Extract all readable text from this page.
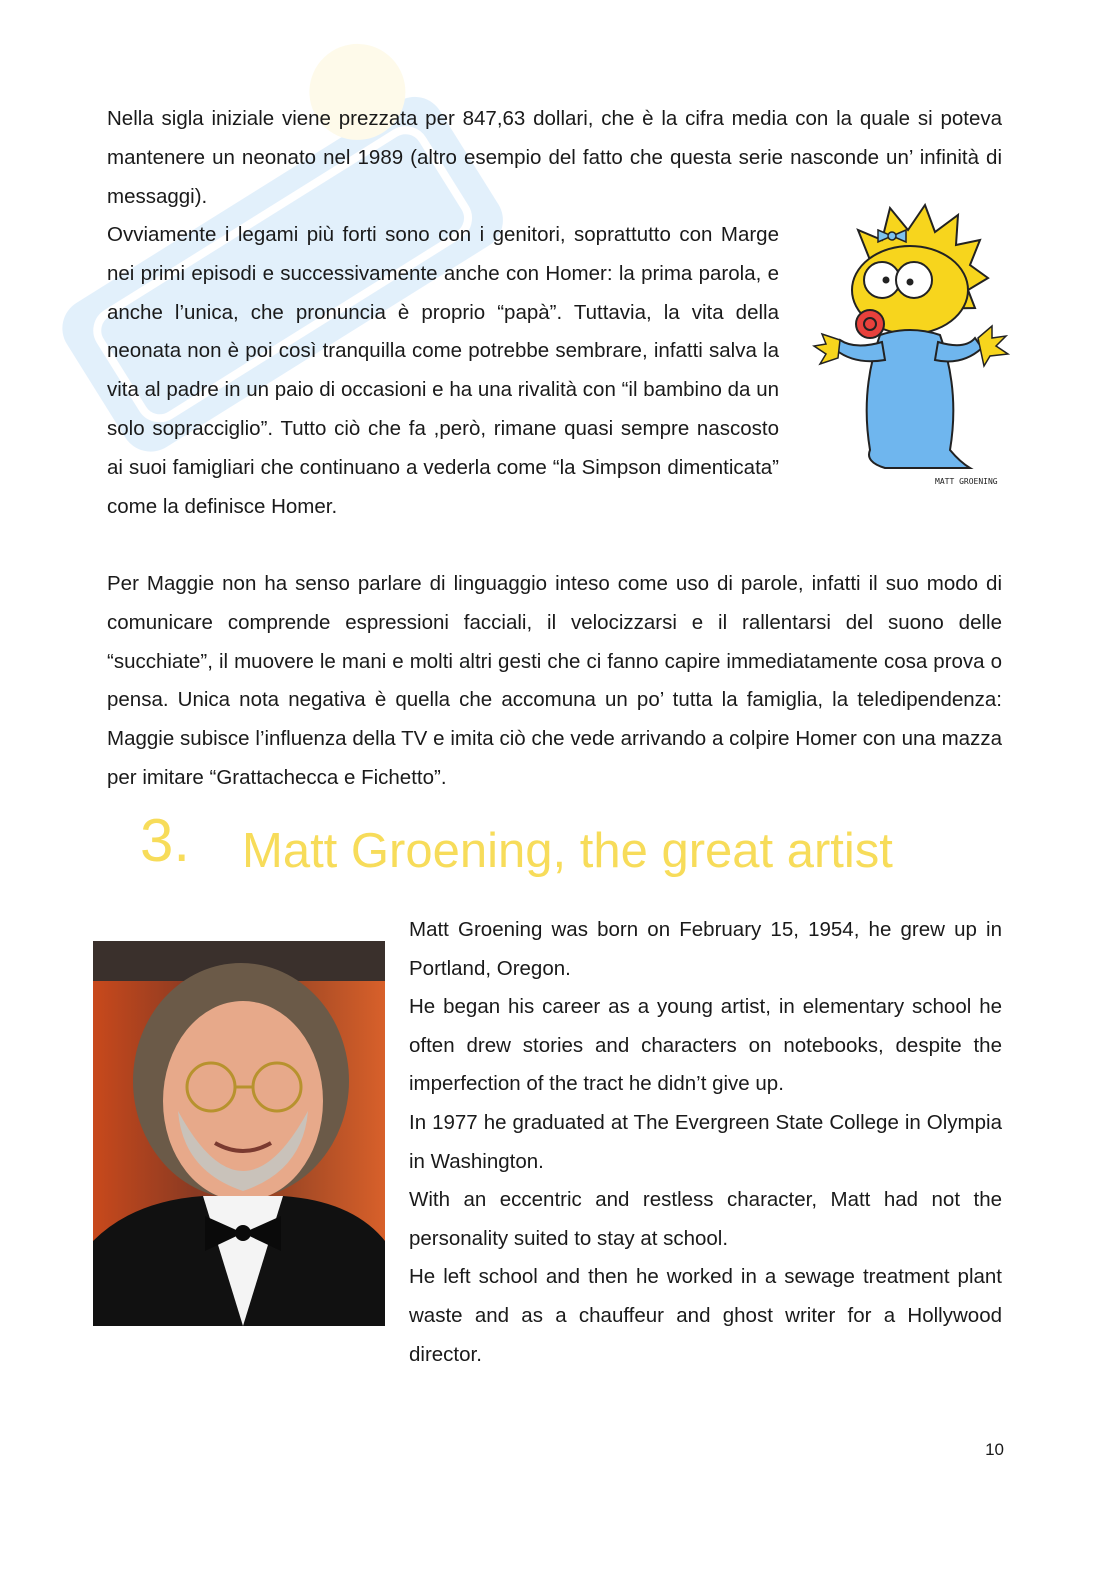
Nella sigla iniziale viene prezzata per 847,63 dollari, che è la cifra media con la quale si poteva mantenere un neonato nel 1989 (altro esempio del fatto che questa serie nasconde un’ infinità di messaggi).

Ovviamente i legami più forti sono con i genitori, soprattutto con Marge nei primi episodi e successivamente anche con Homer: la prima parola, e anche l’unica, che pronuncia è proprio “papà”. Tuttavia, la vita della neonata non è poi così tranquilla come potrebbe sembrare, infatti salva la vita al padre in un paio di occasioni e ha una rivalità con “il bambino da un solo sopracciglio”. Tutto ciò che fa ,però, rimane quasi sempre nascosto ai suoi famigliari che continuano a vederla come “la Simpson dimenticata” come la definisce Homer.

MATT GROENING

Per Maggie non ha senso parlare di linguaggio inteso come uso di parole, infatti il suo modo di comunicare comprende espressioni facciali, il velocizzarsi e il rallentarsi del suono delle “succhiate”, il muovere le mani e molti altri gesti che ci fanno capire immediatamente cosa prova o pensa. Unica nota negativa è quella che accomuna un po’ tutta la famiglia, la teledipendenza: Maggie subisce l’influenza della TV e imita ciò che vede arrivando a colpire Homer con una mazza per imitare “Grattachecca e Fichetto”.

3. Matt Groening, the great artist

Matt Groening was born on February 15, 1954, he grew up in Portland, Oregon.

He began his career as a young artist, in elementary school he often drew stories and characters on notebooks, despite the imperfection of the tract he didn’t give up.

In 1977 he graduated at The Evergreen State College in Olympia in Washington.

With an eccentric and restless character, Matt had not the personality suited to stay at school.

He left school and then he worked in a sewage treatment plant waste and as a chauffeur and ghost writer for a Hollywood director.

10
